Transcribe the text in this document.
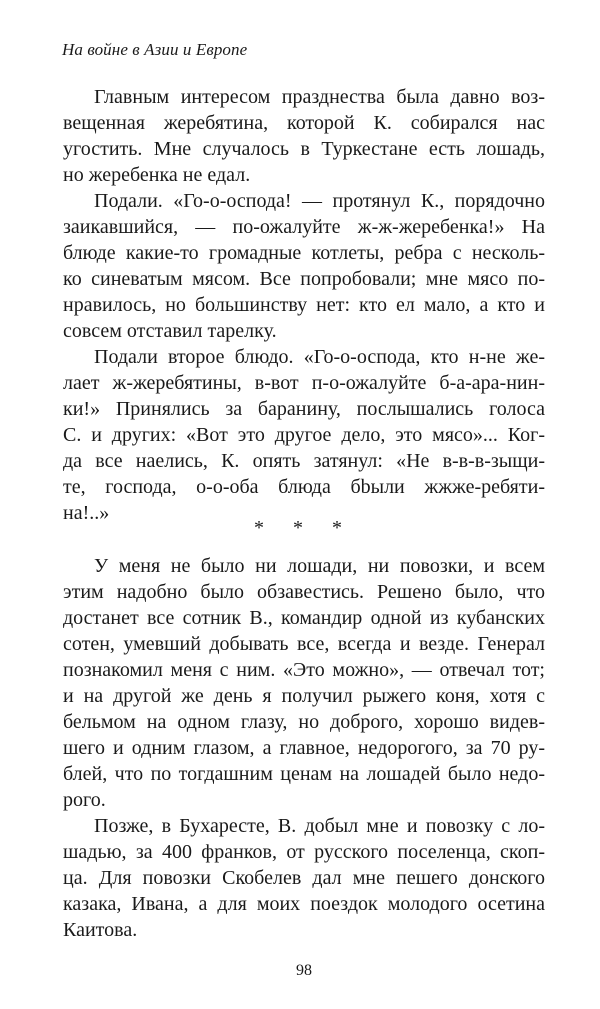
На войне в Азии и Европе
Главным интересом празднества была давно воз-
вещенная жеребятина, которой К. собирался нас
угостить. Мне случалось в Туркестане есть лошадь,
но жеребенка не едал.
Подали. «Го-о-оспода! — протянул К., порядочно
заикавшийся, — по-ожалуйте ж-ж-жеребенка!» На
блюде какие-то громадные котлеты, ребра с несколь-
ко синеватым мясом. Все попробовали; мне мясо по-
нравилось, но большинству нет: кто ел мало, а кто и
совсем отставил тарелку.
Подали второе блюдо. «Го-о-оспода, кто н-не же-
лает ж-жеребятины, в-вот п-о-ожалуйте б-а-ара-нин-
ки!» Принялись за баранину, послышались голоса
С. и других: «Вот это другое дело, это мясо»... Ког-
да все наелись, К. опять затянул: «Не в-в-в-зыщи-
те, господа, о-о-оба блюда бbыли жжже-ребяти-
на!..»
* * *
У меня не было ни лошади, ни повозки, и всем
этим надобно было обзавестись. Решено было, что
достанет все сотник В., командир одной из кубанских
сотен, умевший добывать все, всегда и везде. Генерал
познакомил меня с ним. «Это можно», — отвечал тот;
и на другой же день я получил рыжего коня, хотя с
бельмом на одном глазу, но доброго, хорошо видев-
шего и одним глазом, а главное, недорогого, за 70 ру-
блей, что по тогдашним ценам на лошадей было недо-
рого.
Позже, в Бухаресте, В. добыл мне и повозку с ло-
шадью, за 400 франков, от русского поселенца, скоп-
ца. Для повозки Скобелев дал мне пешего донского
казака, Ивана, а для моих поездок молодого осетина
Каитова.
98
